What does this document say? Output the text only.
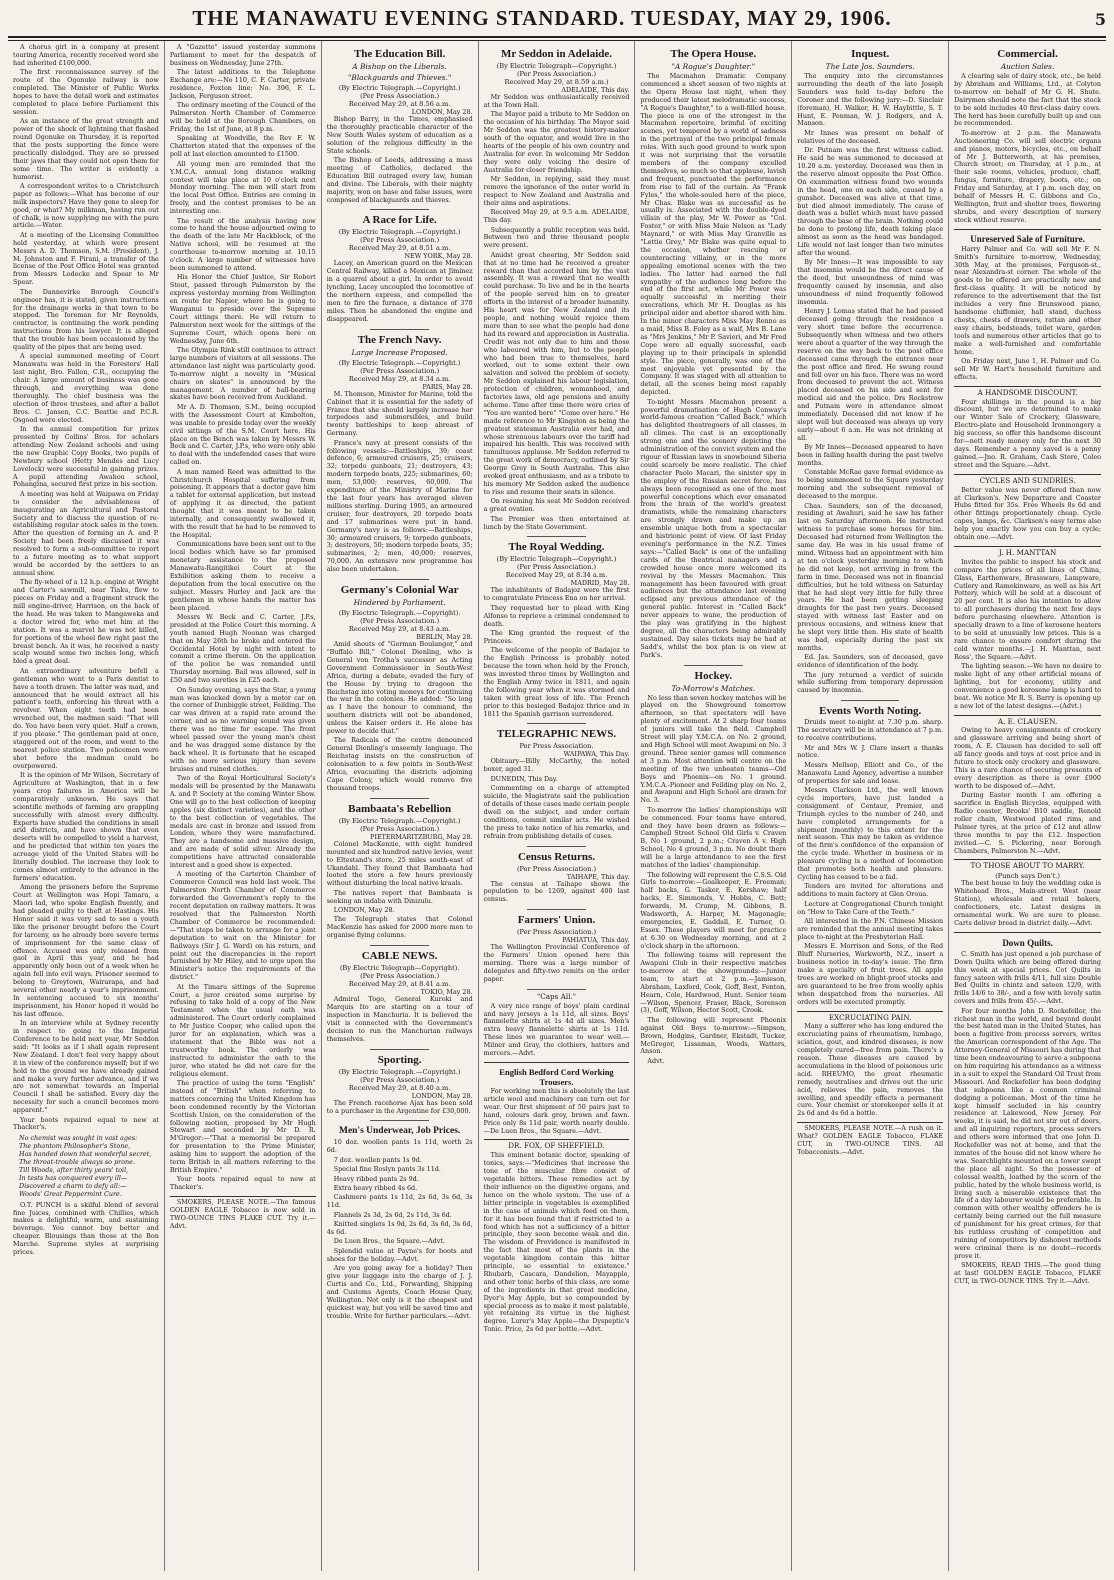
THE MANAWATU EVENING STANDARD. TUESDAY, MAY 29, 1906.	5

A chorus girl in a company at present touring America, recently received word she had inherited £100,000.

The first reconnaissance survey of the route of the Ogonuke railway is now completed. The Minister of Public Works hopes to have the detail work and estimates completed to place before Parliament this session.

As an instance of the great strength and power of the shock of lightning that flashed round Ogonuke on Thursday, it is reported that the posts supporting the fence were practically dislodged. They are so pressed their jaws that they could not open them for some time. The writer is evidently a humorist.

A correspondent writes to a Christchurch paper as follows:—What has become of our milk inspectors? Have they gone to sleep for good, or what? My milkman, having run out of chalk, is now supplying me with the pure article.—Water.

At a meeting of the Licensing Committee held yesterday, at which were present Messrs A. D. Thomson, S.M. (President), J. M. Johnston and F. Pirani, a transfer of the license of the Post Office Hotel was granted from Messrs Lodecke and Spear to Mr Spear.

The Dannevirke Borough Council's engineer has, it is stated, given instructions for the drainage works in that town to be stopped. The foreman for Mr Reynolds, contractor, is continuing the work pending instructions from his lawyer. It is alleged that the trouble has been occasioned by the quality of the pipes that are being used.

A special summoned meeting of Court Manawatu was held in the Foresters' Hall last night, Bro. Fallon, C.R., occupying the chair. A large amount of business was gone through, and everything was done thoroughly. The chief business was the election of three trustees, and after a ballot Bros. C. Jansen, C.C. Beattie and P.C.R. Osgood were elected.

In the annual competition for prizes presented by Collins' Bros. for scholars attending New Zealand schools and using the new Graphic Copy Books, two pupils of Newbury school (Hetty Mendes and Lucy Lovelock) were successful in gaining prizes. A pupil attending Awahou school, Pohangina, secured first prize in his section.

A meeting was held at Waipawa on Friday to consider the advisableness of inaugurating an Agricultural and Pastoral Society and to discuss the question of re-establishing regular stock sales in the town. After the question of forming an A. and P. Society had been freely discussed it was resolved to form a sub-committee to report to a future meeting as to what support would be accorded by the settlers to an annual show.

The fly-wheel of a 12 h.p. engine at Wright and Carter's sawmill, near Tiaku, flew to pieces on Friday and a fragment struck the mill engine-driver, Harrison, on the back of the head. He was taken to Mangaweka and a doctor wired for, who met him at the station. It was a marvel he was not killed, for portions of the wheel flew right past the breast bench. As it was, he received a nasty scalp wound some two inches long, which bled a great deal.

An extraordinary adventure befell a gentleman who went to a Paris dentist to have a tooth drawn. The latter was mad, and announced that he would extract all his patient's teeth, enforcing his threat with a revolver. When eight teeth had been wrenched out, the madman said: "That will do. You have been very quiet. Half a crown, if you please." The gentleman paid at once, staggered out of the room, and went to the nearest police station. Two policemen were shot before the madman could be overpowered.

It is the opinion of Mr Wilson, Secretary of Agriculture at Washington, that in a few years crop failures in America will be comparatively unknown. He says that scientific methods of farming are grappling successfully with almost every difficulty. Experts have studied the conditions in small arid districts, and have shown that even deserts will be compelled to yield a harvest, and he predicted that within ten years the acreage yield of the United States will be literally doubled. The increase they look to comes almost entirely to the advance in the farmers' education.

Among the prisoners before the Supreme Court at Wellington was Hopi Tamara, a Maori lad, who spoke English fluently, and had pleaded guilty to theft at Hastings. His Honor said it was very sad to see a youth like the prisoner brought before the Court for larceny, as he already bore severe terms of imprisonment for the same class of offence. Accused was only released from gaol in April this year, and he had apparently only been out of a week when he again fell into evil ways. Prisoner seemed to belong to Greytown, Wairarapa, and had several other nearly a year's imprisonment. In sentencing accused to six months' imprisonment, his Honor hoped it would be his last offence.

In an interview while at Sydney recently in respect to going to the Imperial Conference to be held next year, Mr Seddon said: "It looks as if I shall again represent New Zealand. I don't feel very happy about it in view of the conference myself; but if we hold to the ground we have already gained and make a very further advance, and if we are not somewhat towards an Imperial Council I shall be satisfied. Every day the necessity for such a council becomes more apparent."

Your boots repaired equal to new at Thacker's.

No chemist was sought in vast ages:
The phantom Philosopher's Stone,
Has handed down that wonderful secret,
The throat-trouble always so prone.
Till Woods, after thirty years' toil,
In tests has conquered every ill—
Discovered a charm to defy all:—
Woods' Great Peppermint Cure.

O.T. PUNCH is a skilful blend of several fine Juices, combined with Chillies, which makes a delightful, warm, and sustaining beverage. You cannot buy better and cheaper. Blousings than those at the Bon Marche. Supreme styles at surprising prices.

A "Gazette" issued yesterday summons Parliament to meet for the despatch of business on Wednesday, June 27th.

The latest additions to the Telephone Exchange are:—No 110, C. F. Carter, private residence, Foxton line; No. 396, F. L. Jackson, Ferguson street.

The ordinary meeting of the Council of the Palmerston North Chamber of Commerce will be held at the Borough Chambers, on Friday, the 1st of June, at 8 p.m.

Speaking at Woodville, the Rev F. W. Chatterton stated that the expenses of the poll at last election amounted to £1500.

All young men are reminded that the Y.M.C.A. annual long distance walking contest will take place at 10 o'clock next Monday morning. The men will start from the local Post Office. Entries are coming in freely, and the contest promises to be an interesting one.

The result of the analysis having now come to hand the house adjourned owing to the death of the late Mr Hackblock, of the Native school, will be resumed at the courthouse to-morrow morning at 10.15 o'clock. A large number of witnesses have been summoned to attend.

His Honor the Chief Justice, Sir Robert Stout, passed through Palmerston by the express yesterday morning from Wellington en route for Napier, where he is going to Wanganui to preside over the Supreme Court sittings there. He will return to Palmerston next week for the sittings of the Supreme Court, which opens here on Wednesday, June 6th.

The Olympia Rink still continues to attract large numbers of visitors at all sessions. The attendance last night was particularly good. To-morrow night a novelty in "Musical chairs on skates" is announced by the management. A number of ball-bearing skates have been received from Auckland.

Mr A. D. Thomson, S.M., being occupied with the Assessment Court at Kimbolton, was unable to preside today over the weekly civil sittings of the S.M. Court here. His place on the Bench was taken by Messrs W. Beck and C. Carter, J.P.s, who were only able to deal with the undefended cases that were called on.

A man named Reed was admitted to the Christchurch Hospital suffering from poisoning. It appears that a doctor gave him a tablet for external application, but instead of applying it as directed, the patient thought that it was meant to be taken internally, and consequently swallowed it, with the result that he had to be removed to the Hospital.

Communications have been sent out to the local bodies which have so far promised monetary assistance to the proposed Manawatu-Rangitikei Court at the Exhibition asking them to receive a deputation from the local executive on the subject. Messrs Hurley and Jack are the gentlemen in whose hands the matter has been placed.

Messrs W. Beck and C. Carter, J.P.s, presided at the Police Court this morning. A youth named Hugh Noonan was charged that on May 26th he broke and entered the Occidental Hotel by night with intent to commit a crime therein. On the application of the police he was remanded until Thursday morning. Bail was allowed, self in £50 and two sureties in £25 each.

On Sunday evening, says the Star, a young man was knocked down by a motor car on the corner of Dunbiggle street, Feilding. The car was driven at a rapid rate around the corner, and as no warning sound was given there was no time for escape. The front wheel passed over the young man's chest and he was dragged some distance by the back wheel. It is fortunate that he escaped with no more serious injury than severe bruises and ruined clothes.

Two of the Royal Horticultural Society's medals will be presented by the Manawatu A. and P. Society at the coming Winter Show. One will go to the best collection of keeping apples (six distinct varieties), and the other to the best collection of vegetables. The medals are cast in bronze and issued from London, where they were manufactured. They are a handsome and massive design, and are made of solid silver. Already the competitions have attracted considerable interest and a good show is expected.

A meeting of the Carterton Chamber of Commerce Council was held last week. The Palmerston North Chamber of Commerce forwarded the Government's reply to the recent deputation on railway matters. It was resolved that the Palmerston North Chamber of Commerce be recommended:—"That steps be taken to arrange for a joint deputation to wait on the Minister for Railways (Sir J. G. Ward) on his return, and point out the discrepancies in the report furnished by Mr Hiley, and to urge upon the Minister's notice the requirements of the district."

At the Timaru sittings of the Supreme Court, a juror created some surprise by refusing to take hold of a copy of the New Testament when the usual oath was administered. The Court orderly complained to Mr Justice Cooper, who called upon the juror for an explanation, which was a statement that the Bible was not a trustworthy book. The orderly was instructed to administer the oath to the juror, who stated he did not care for the religious element.

The practice of using the term "English" instead of "British" when referring to matters concerning the United Kingdom has been condemned recently by the Victorian Scottish Union, on the consideration of the following motion, proposed by Mr Hugh Stewart and seconded by Mr D. R. M'Gregor:—"That a memorial be prepared for presentation to the Prime Minister, asking him to support the adoption of the term British in all matters referring to the British Empire."

Your boots repaired equal to new at Thacker's.

SMOKERS, PLEASE NOTE.—The famous GOLDEN EAGLE Tobacco is now sold in TWO-OUNCE TINS FLAKE CUT. Try it.—Advt.

The Education Bill.
A Bishop on the Liberals.
"Blackguards and Thieves."
(By Electric Telegraph.—Copyright.)
(Per Press Association.)
Received May 29, at 8.56 a.m.
LONDON, May 28.

Bishop Barry, in the Times, emphasised the thoroughly practicable character of the New South Wales system of education as a solution of the religious difficulty in the State schools.

The Bishop of Leeds, addressing a mass meeting of Catholics, declared the Education Bill outraged every law, human and divine. The Liberals, with their mighty majority, won on base and false issues, were composed of blackguards and thieves.

A Race for Life.
(By Electric Telegraph.—Copyright.)
(Per Press Association.)
Received May 29, at 8.51 a.m.
NEW YORK, May 28.

Lacey, an American guard on the Mexican Central Railway, killed a Mexican at Jiminez in a quarrel about a girl. In order to avoid lynching, Lacey uncoupled the locomotive of the northern express, and compelled the men to fire the furnace, a distance of 370 miles. Then he abandoned the engine and disappeared.

The French Navy.
Large Increase Proposed.
(By Electric Telegraph.—Copyright.)
(Per Press Association.)
Received May 29, at 8.34 a.m.
PARIS, May 28.

M. Thomson, Minister for Marine, told the Cabinet that it is essential for the safety of France that she should largely increase her torpedoes and submersibles, and build twenty battleships to keep abreast of Germany.

France's navy at present consists of the following vessels:—Battleships, 39; coast defence, 6; armoured cruisers, 25; cruisers, 32; torpedo gunboats, 21; destroyers, 43; modern torpedo boats, 225; submarines, 60; men, 53,000; reserves, 60,000. The expenditure of the Ministry of Marine for the last four years has averaged eleven millions sterling. During 1905, an armoured cruiser, four destroyers, 20 torpedo boats and 17 submarines were put in hand. Germany's navy is as follows:—Battleships, 30; armoured cruisers, 9; torpedo gunboats, 3; destroyers, 50; modern torpedo boats, 35; submarines, 2; men, 40,000; reserves, 70,000. An extensive new programme has also been undertaken.

Germany's Colonial War
Hindered by Parliament.
(By Electric Telegraph.—Copyright).
(Per Press Association.)
Received May 29, at 8.43 a.m.
BERLIN, May 28.

Amid shouts of "German Boulanger," and "Buffalo Bill," Colonel Dienling, who is General von Trotha's successor as Acting Government Commissioner in South-West Africa, during a debate, evaded the fury of the House by trying to dragoon the Reichstag into voting moneys for continuing the war in the colonies. He added: "So long as I have the honour to command, the southern districts will not be abandoned, unless the Kaiser orders it. He alone has power to decide that."

The Radicals of the centre denounced General Dienling's unseemly language. The Reichstag insists on the construction of colonisation to a few points in South-West Africa, evacuating the districts adjoining Cape Colony, which would remove five thousand troops.

Bambaata's Rebellion
(By Electric Telegraph.—Copyright.)
(Per Press Association.)
PIETERMARITZBURG, May 28.

Colonel MacKenzie, with eight hundred mounted and six hundred native levies, went to Eltestand's store, 25 miles south-east of Ukandahl. They found that Bambaata had looted the store a few hours previously without disturbing the local native kraals.

The natives report that Bambaata is seeking an indaba with Dinizulu.

LONDON, May 28.

The Telegraph states that Colonel MacKenzie has asked for 2000 more men to organise flying columns.

CABLE NEWS.
(By Electric Telegraph—Copyright).
(Per Press Association.)
Received May 29, at 8.41 a.m.
TOKIO, May 28.

Admiral Togo, General Kuroki and Marquis Ito are starting on a tour of inspection in Manchuria. It is believed the visit is connected with the Government's decision to run the Manchurian railways themselves.

Sporting.
(By Electric Telegraph.—Copyright.)
(Per Press Association.)
Received May 29, at 8.40 a.m.
LONDON, May 28.

The French racehorse Ajax has been sold to a purchaser in the Argentine for £30,000.

Men's Underwear, Job Prices.

10 doz. woollen pants 1s 11d, worth 2s 6d.

7 doz. woollen pants 1s 9d.

Special fine Roslyn pants 3s 11d.

Heavy ribbed pants 2s 9d.

Extra heavy ribbed 4s 6d.

Cashmere pants 1s 11d, 2s 6d, 3s 6d, 3s 11d.

Flannels 2s 3d, 2s 6d, 2s 11d, 3s 6d.

Knitted singlets 1s 9d, 2s 6d, 3s 6d, 3s 6d, 4s 6d.

De Luen Bros., the Square.—Advt.

Splendid value at Payne's for boots and shoes for the holiday.—Advt.

Are you going away for a holiday? Then give your luggage into the charge of J. J. Curtis and Co., Ltd., Forwarding, Shipping and Customs Agents, Coach House Quay, Wellington. Not only is it the cheapest and quickest way, but you will be saved time and trouble. Write for further particulars.—Advt.

Mr Seddon in Adelaide.
(By Electric Telegraph—Copyright.)
(Per Press Association.)
Received May 29, at 8.59 a.m.)
ADELAIDE, This day.

Mr Seddon was enthusiastically received at the Town Hall.

The Mayor paid a tribute to Mr Seddon on the occasion of his birthday. The Mayor said Mr Seddon was the greatest history-maker south of the equator, and would live in the hearts of the people of his own country and Australia for ever. In welcoming Mr Seddon they were only voicing the desire of Australia for closer friendship.

Mr Seddon, in replying, said they must remove the ignorance of the outer world in respect to New Zealand and Australia and their aims and aspirations.

Received May 29, at 9.5 a.m. ADELAIDE, This day.

Subsequently a public reception was held. Between two and three thousand people were present.

Amidst great cheering, Mr Seddon said that at no time had he received a greater reward than that accorded him by the vast assembly. It was a reward that no wealth could purchase. To live and be in the hearts of the people served him on to greater efforts in the interest of a broader humanity. His heart was for New Zealand and its people, and nothing would rejoice them more than to see what the people had done had its reward and appreciation in Australia. Credit was not only due to him and those who laboured with him, but to the people who had been true to themselves, hard worked, out to some extent their own salvation and solved the problem of society. Mr Seddon explained his labour legislation, protection of children, womanhood, and factories laws, old age pensions and anuity scheme. Time after time there were cries of "You are wanted here" "Come over here." He made reference to Mr Kingston as being the greatest statesman Australia ever had, and whose strenuous labours over the tariff had impaired his health. This was received with tumultuous applause. Mr Seddon referred to the great work of democracy, outlined by Sir George Grey in South Australia. This also evoked great enthusiasm, and as a tribute to his memory Mr Seddon asked the audience to rise and resume their seats in silence.

On resuming his seat Mr Seddon received a great ovation.

The Premier was then entertained at lunch by the State Government.

The Royal Wedding.
(By Electric Telegraph—Copyright.)
(Per Press Association.)
Received May 29, at 8.34 a.m.
MADRID, May 28.

The inhabitants of Badajoz were the first to congratulate Princess Ena on her arrival.

They requested her to plead with King Alfonso to reprieve a criminal condemned to death.

The King granted the request of the Princess.

The welcome of the people of Badajoz to the English Princess is probably noted because the town when held by the French, was invested three times by Wellington and the English Army twice in 1811, and again the following year when it was stormed and taken with great loss of life. The French prior to this besieged Badajoz thrice and in 1811 the Spanish garrison surrendered.

TELEGRAPHIC NEWS.
Per Press Association.
WAIPAWA, This Day.

Obituary—Billy McCarthy, the noted boxer, aged 31.

DUNEDIN, This Day.

Commenting on a charge of attempted suicide, the Magistrate said the publication of details of these cases made certain people dwell on the subject, and under certain conditions, commit similar acts. He wished the press to take notice of his remarks, and refrain from publishing details of cases.

Census Returns.
(Per Press Association.)
TAIHAPE, This day.

The census at Taihape shows the population to be 1269, against 400 last census.

Farmers' Union.
(Per Press Association.)
PAHIATUA, This day.

The Wellington Provincial Conference of the Farmers' Union opened here this morning. There was a large number of delegates and fifty-two remits on the order paper.

"Caps All."

A very nice range of boys' plain cardinal and navy jerseys a 1s 11d, all sizes. Boys' flannelette shirts at 1s 4d all sizes. Men's extra heavy flannelette shirts at 1s 11d. These lines we guarantee to wear well.—Milner and Gray, the clothiers, hatters and mercers.—Advt.

English Bedford Cord Working Trousers.

For working men this is absolutely the last article wool and machinery can turn out for wear. Our first shipment of 50 pairs just to hand, colours dark grey, brown and fawn. Price only 8s 11d pair, worth nearly double.—De Luen Bros., the Square.—Advt.

DR. FOX, OF SHEFFIELD.

This eminent botanic doctor, speaking of tonics, says:—"Medicines that increase the tone of the muscular fibre consist of vegetable bitters. These remedies act by their influence on the digestive organs, and hence on the whole system. The use of a bitter principle in vegetables is exemplified in the case of animals which feed on them, for it has been found that if restricted to a food which has not a sufficiency of a bitter principle, they soon become weak and die. The wisdom of Providence is manifested in the fact that most of the plants in the vegetable kingdom contain this bitter principle, so essential to existence." Rhubarb, Cascara, Dandelion, Mayapple, and other tonic herbs of this class, are some of the ingredients in that great medicine, Dyer's May Apple, but so compounded by special process as to make it most palatable, yet retaining its virtue in the highest degree. Lurer's May Apple—the Dyspeptic's Tonic. Price, 2s 6d per bottle.—Advt.

The Opera House.
"A Rogue's Daughter."

The Macmahon Dramatic Company commenced a short season of two nights at the Opera House last night, when they produced their latest melodramatic success, "A Rogue's Daughter," to a well-filled house. The piece is one of the strongest in the Macmahon repertoire, brimful of exciting scenes, yet tempered by a world of sadness in the portrayal of the two principal female roles. With such good ground to work upon it was not surprising that the versatile members of the company excelled themselves, so much so that applause, lavish and frequent, punctuated the performance from rise to fall of the curtain. As "Frank Fyles," the whole-souled hero of the piece, Mr Chas. Blake was as successful as he usually is. Associated with the double-dyed villain of the play, Mr W. Power as "Col. Foster," or with Miss Maie Nelson as "Lady Maynard," or with Miss May Granville as "Lettie Grey," Mr Blake was quite equal to the occasion, whether rescuing or counteracting villainy, or in the more appealing emotional scenes with the two ladies. The latter had earned the full sympathy of the audience long before the end of the first act, while Mr Power was equally successful in meriting their execrations, which Mr H. Douglas as his principal aider and abettor shared with him. In the minor characters Miss May Renno as a maid, Miss B. Foley as a waif, Mrs B. Lane as "Mrs Jenkins," Mr P. Savieri, and Mr Fred Cope were all equally successful, each playing up to their principals in splendid style. The piece, generally, was one of the most enjoyable yet presented by the Company. It was staged with all attention to detail, all the scenes being most capably depicted.

To-night Messrs Macmahon present a powerful dramatisation of Hugh Conway's world-famous creation "Called Back," which has delighted theatregoers of all classes, in all climes. The cast is an exceptionally strong one and the scenery depicting the administration of the convict system and the rigour of Russian laws in snowbound Siberia could scarcely be more realistic. The chief character Paolo Macari, the sinister spy in the employ of the Russian secret force, has always been recognised as one of the most powerful conceptions which ever emanated from the brain of the world's greatest dramatists, while the remaining characters are strongly drawn and make up an ensemble unique both from a spectacular and histrionic point of view. Of last Friday evening's performance in the N.Z. Times says:—"Called Back" is one of the unfailing cards of the theatrical managers and a crowded house once more welcomed its revival by the Messrs Macmahon. This management has been favoured with great audiences but the attendance last evening eclipsed any previous attendance of the general public. Interest in "Called Back" never appears to wane, the production of the play was gratifying in the highest degree, all the characters being admirably sustained. Day sales tickets may be had at Sadd's, whilst the box plan is on view at Park's.

Hockey.
To-Morrow's Matches.

No less than seven hockey matches will be played on the Showground tomorrow afternoon, so that spectators will have plenty of excitement. At 2 sharp four teams of juniors will take the field. Campbell Street will play Y.M.C.A. on No. 2 ground, and High School will meet Awapuni on No. 3 ground. Three senior games will commence at 3 p.m. Most attention will centre on the meeting of the two unbeaten teams—Old Boys and Phoenix—on No. 1 ground. Y.M.C.A.-Pioneer and Feilding play on No. 2, and Awapuni and High School are drawn for No. 3.

To-morrow the ladies' championships will be commenced. Four teams have entered, and they have been drawn as follows:—Campbell Street School Old Girls v. Craven B, No 1 ground, 2 p.m.; Craven A v. High School, No 4 ground, 3 p.m. No doubt there will be a large attendance to see the first matches of the ladies' championship.

The following will represent the C.S.S. Old Girls to-morrow:—Goalkeeper, E. Freeman; half backs, G. Tasker, E. Kershaw; half backs, E. Simmonds, V. Hobbs, C. Bett; forwards, M. Crump, M. Gibbons, B. Wadsworth, A. Harper, M. Magonagle; emergencies, E. Gaddall, E. Turner, O. Essex. These players will meet for practice at 6.30 on Wednesday morning, and at 2 o'clock sharp in the afternoon.

The following teams will represent the Awapuni Club in their respective matches to-morrow at the showgrounds:—Junior team, to start at 2 p.m.—Jamieson, Abraham, Laxford, Cook, Goff, Best, Fenton, Hearn, Cole, Hardwood, Hunt. Senior team—Wilson, Spencer, Fraser, Black, Sorenson (3), Goff, Wilson, Hector Scott, Crook.

The following will represent Phoenix against Old Boys to-morrow:—Simpson, Brown, Hodgins, Gardner, Ekstadt, Tucker, McGregor, Lissaman, Woods, Watters, Anson.

Advt.

Inquest.
The Late Jos. Saunders.

The enquiry into the circumstances surrounding the death of the late Joseph Saunders was held to-day before the Coroner and the following jury:—D. Sinclair (foreman), H. Walker, H. W. Haybittle, S. T. Hunt, E. Penman, W. J. Rodgers, and A. Manson.

Mr Innes was present on behalf of relatives of the deceased.

Dr. Putnam was the first witness called. He said he was summoned to deceased at 10.20 a.m. yesterday. Deceased was then in the reserve almost opposite the Post Office. On examination witness found two wounds in the head, one on each side, caused by a gunshot. Deceased was alive at that time, but died almost immediately. The cause of death was a bullet which must have passed through the base of the brain. Nothing could be done to prolong life, death taking place almost as soon as the head was bandaged. Life would not last longer than two minutes after the wound.

By Mr Innes:—It was impossible to say that insomnia would be the direct cause of the deed, but unsoundness of mind was frequently caused by insomnia, and also unsoundness of mind frequently followed insomnia.

Henry J. Lomas stated that he had passed deceased going through the residence a very short time before the occurrence. Subsequently when witness and two others were about a quarter of the way through the reserve on the way back to the post office deceased came through the entrance near the post office and fired. He swung round and fell over on his face. There was no word from deceased to prevent the act. Witness placed deceased on his side and sent for medical aid and the police. Drs Rockstrow and Putnam were in attendance almost immediately. Deceased did not know if he slept well but deceased was always up very early—about 6 a.m. He was not drinking at all.

By Mr Innes—Deceased appeared to have been in failing health during the past twelve months.

Constable McRae gave formal evidence as to being summoned to the Square yesterday morning and the subsequent removal of deceased to the morgue.

Chas. Saunders, son of the deceased, residing at Awahuri, said he saw his father last on Saturday afternoon. He instructed witness to purchase some horses for him. Deceased had returned from Wellington the same day. He was in his usual frame of mind. Witness had an appointment with him at ten o'clock yesterday morning to which he did not keep, not arriving in from the farm in time. Deceased was not in financial difficulties, but he told witness on Saturday that he had slept very little for fully three years. He had been getting sleeping draughts for the past two years. Deceased stayed with witness last Easter and on previous occasions, and witness knew that he slept very little then. His state of health was bad, especially during the past six months.

Ed. Jas. Saunders, son of deceased, gave evidence of identification of the body.

The jury returned a verdict of suicide while suffering from temporary depression caused by insomnia.

Events Worth Noting.

Druids meet to-night at 7.30 p.m. sharp. The secretary will be in attendance at 7 p.m. to receive contributions.

Mr and Mrs W. J. Clare insert a thanks notice.

Messrs Mellsop, Elliott and Co., of the Manawatu Land Agency, advertise a number of properties for sale and lease.

Messrs Clarkson Ltd., the well known cycle importers, have just landed a consignment of Centaur, Premier, and Triumph cycles to the number of 240, and have completed arrangements for a shipment (monthly) to this extent for the next season. This may be taken as evidence of the firm's confidence of the expansion of the cycle trade. Whether in business or in pleasure cycling is a method of locomotion that promotes both health and pleasure. Cycling has ceased to be a fad.

Tenders are invited for alterations and additions to main factory at Glen Oroua.

Lecture at Congregational Church tonight on "How to Take Care of the Teeth."

All interested in the P.N. Chinese Mission are reminded that the annual meeting takes place to-night at the Presbyterian Hall.

Messrs E. Morrison and Sons, of the Red Bluff Nurseries, Warkworth, N.Z., insert a business notice in to-day's issue. The firm make a specialty of fruit trees. All apple trees are worked on blight-proof stocks and are guaranteed to be free from woolly aphis when despatched from the nurseries. All orders will be executed promptly.

EXCRUCIATING PAIN.

Many a sufferer who has long endured the excruciating pains of rheumatism, lumbago, sciatica, gout, and kindred diseases, is now completely cured—free from pain. There's a reason. These diseases are caused by accumulations in the blood of poisonous uric acid. RHEUMO, the great rheumatic remedy, neutralises and drives out the uric acid, relieves the pain, removes the swelling, and speedily effects a permanent cure. Your chemist or storekeeper sells it at 2s 6d and 4s 6d a bottle.

SMOKERS, PLEASE NOTE.—A rush on it. What? GOLDEN EAGLE Tobacco, FLAKE CUT, in TWO-OUNCE TINS. All Tobacconists.—Advt.

Commercial.
Auction Sales.

A clearing sale of dairy stock, etc., be held by Abraham and Williams, Ltd., at Colyton to-morrow on behalf of Mr G. H. Shute. Dairymen should note the fact that the stock to be sold includes 40 first-class dairy cows. The herd has been carefully built up and can be recommended.

To-morrow at 2 p.m. the Manawatu Auctioneering Co. will sell electric organs and pianos, motors, bicycles, etc., on behalf of Mr J. Butterworth, at his premises, Church street; on Thursday, at 1 p.m., at their sale rooms, vehicles, produce, chaff, fungus, furniture, drapery, boots, etc.; on Friday and Saturday, at 1 p.m. each day, on behalf of Messrs H. C. Gibbons and Co., Wellington, fruit and shelter trees, flowering shrubs, and every description of nursery stock without reserve.

Unreserved Sale of Furniture.

Harry Palmer and Co. will sell Mr F. N. Smith's furniture to-morrow, Wednesday, 30th May, at the premises, Ferguson-st., near Alexandra-st corner. The whole of the goods to be offered are practically new and first-class quality. It will be noticed by reference to the advertisement that the list includes a very fine Brunswood piano, handsome chiffonier, hall stand, duchess chests, chests of drawers, rattan and other easy chairs, bedsteads, toilet ware, garden tools and numerous other articles that go to make a well-furnished and comfortable home.

On Friday next, June 1, H. Palmer and Co. sell Mr W. Hart's household furniture and effects.

A HANDSOME DISCOUNT.

Four shillings in the pound is a big discount, but we are determined to make our Winter Sale of Crockery, Glassware, Electro-plate and Household Ironmongery a big success, so offer this handsome discount for—nett ready money only for the next 30 days. Remember a penny saved is a penny gained.—Jno. R. Graham, Cash Store, Coleo street and the Square.—Advt.

CYCLES AND SUNDRIES.

Better value was never offered than now at Clarkson's. New Departure and Coaster Hubs fitted for 35s. Free Wheels 8s 6d and other fittings proportionately cheap. Cycle capes, lamps, &c. Clarkson's easy terms also help you exactly how you can buy a cycle; obtain one.—Advt.

J. H. MANTTAN

Invites the public to inspect his stock and compare the prices of all lines of China, Glass, Earthenware, Brassware, Lampware, Cutlery and Ramekinware, as well as his Art Pottery, which will be sold at a discount of 20 per cent. It is also his intention to allow to all purchasers during the next few days before purchasing elsewhere. Attention is specially drawn to a line of kerosene heaters to be sold at unusually low prices. This is a rare chance to ensure comfort during the cold winter months.—J. H. Manttan, next Ross', the Square.—Advt.

The lighting season.—We have no desire to make light of any other artificial means of lighting, but for economy, utility and convenience a good kerosene lamp is hard to beat. We notice Mr R. S. Barry is opening up a new lot of the latest designs.—(Advt.)

A. E. CLAUSEN.

Owing to heavy consignments of crockery and glassware arriving and being short of room, A. E. Clausen has decided to sell off all fancy goods and toys at cost price and in future to stock only crockery and glassware. This is a rare chance of securing presents of every description as there is over £900 worth to be disposed of.—Advt.

During Easter month I am offering a sacrifice in English Bicycles, equipped with Radio coaster, Brooks' B10 saddle, Renold roller chain, Westwood plated rims, and Palmer tyres, at the price of £12 and allow three months to pay the £12. Inspection invited.—C. S. Pickering, near Borough Chambers, Palmerston N.—Advt.

TO THOSE ABOUT TO MARRY.
(Punch says Don't.)

The best house to buy the wedding cake is Whitehead Bros., Main-street West (near Station), wholesale and retail bakers, confectioners, etc. Latest designs in ornamental work. We are sure to please. Carts deliver bread in district daily.—Advt.

Down Quilts.

C. Smith has just opened a job purchase of Down Quilts which are being offered during this week at special prices. Cot Quilts in fancy sateen with frills 4/11, full size Double Bed Quilts in chintz and sateen 12/9, with frills 14/6 to 38/-, and a few with lovely satin covers and frills from 45/-.—Advt.

For four months John D. Rockefeller, the richest man in the world, and beyond doubt the best hated man in the United States, has been a fugitive from process servers, writes the American correspondent of the Age. The Attorney-General of Missouri has during that time been endeavouring to serve a subpoena on him requiring his attendance as a witness in a suit to expel the Standard Oil Trust from Missouri. And Rockefeller has been dodging that subpoena like a common criminal dodging a policeman. Most of the time he kept himself secluded in his country residence at Lakewood, New Jersey. For weeks, it is said, he did not stir out of doors, and all inquiring reporters, process servers and others were informed that one John D. Rockefeller was not at home, and that the inmates of the house did not know where he was. Searchlights mounted on a tower swept the place all night. So the possessor of colossal wealth, loathed by the scorn of the public, hated by the whole business world, is living such a miserable existence that the life of a day labourer would be preferable. In common with other wealthy offenders he is certainly being carried out the full measure of punishment for his great crimes, for that his ruthless crushing of competition and ruining of competitors by dishonest methods were criminal there is no doubt—records prove it.

SMOKERS, READ THIS.—The good thing at last! GOLDEN EAGLE Tobacco, FLAKE CUT, in TWO-OUNCE TINS. Try it.—Advt.
